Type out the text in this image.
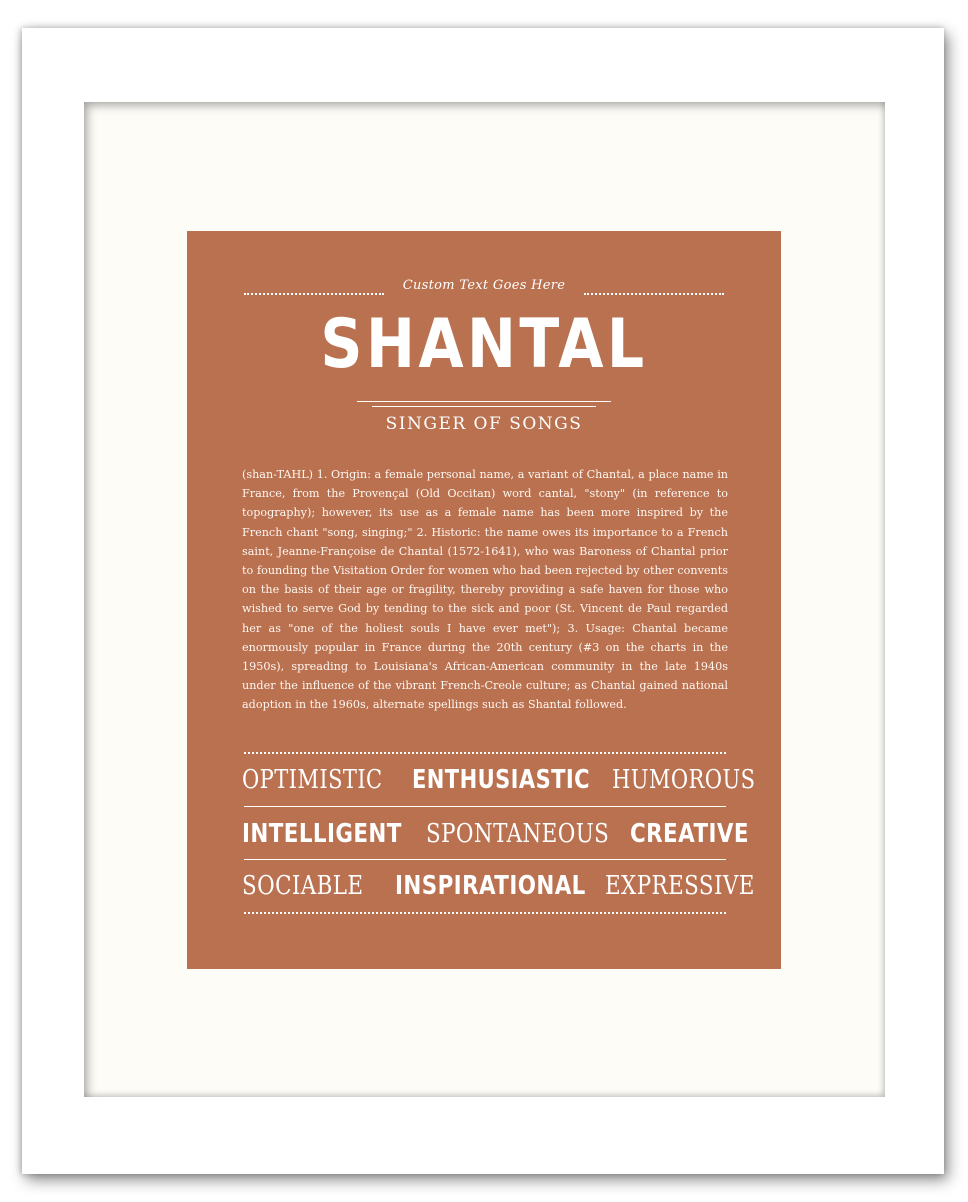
Custom Text Goes Here
SHANTAL
SINGER OF SONGS
(shan-TAHL) 1. Origin: a female personal name, a variant of Chantal, a place name in France, from the Provençal (Old Occitan) word cantal, "stony" (in reference to topography); however, its use as a female name has been more inspired by the French chant "song, singing;" 2. Historic: the name owes its importance to a French saint, Jeanne-Françoise de Chantal (1572-1641), who was Baroness of Chantal prior to founding the Visitation Order for women who had been rejected by other convents on the basis of their age or fragility, thereby providing a safe haven for those who wished to serve God by tending to the sick and poor (St. Vincent de Paul regarded her as "one of the holiest souls I have ever met"); 3. Usage: Chantal became enormously popular in France during the 20th century (#3 on the charts in the 1950s), spreading to Louisiana's African-American community in the late 1940s under the influence of the vibrant French-Creole culture; as Chantal gained national adoption in the 1960s, alternate spellings such as Shantal followed.
OPTIMISTIC ENTHUSIASTIC HUMOROUS
INTELLIGENT SPONTANEOUS CREATIVE
SOCIABLE INSPIRATIONAL EXPRESSIVE
